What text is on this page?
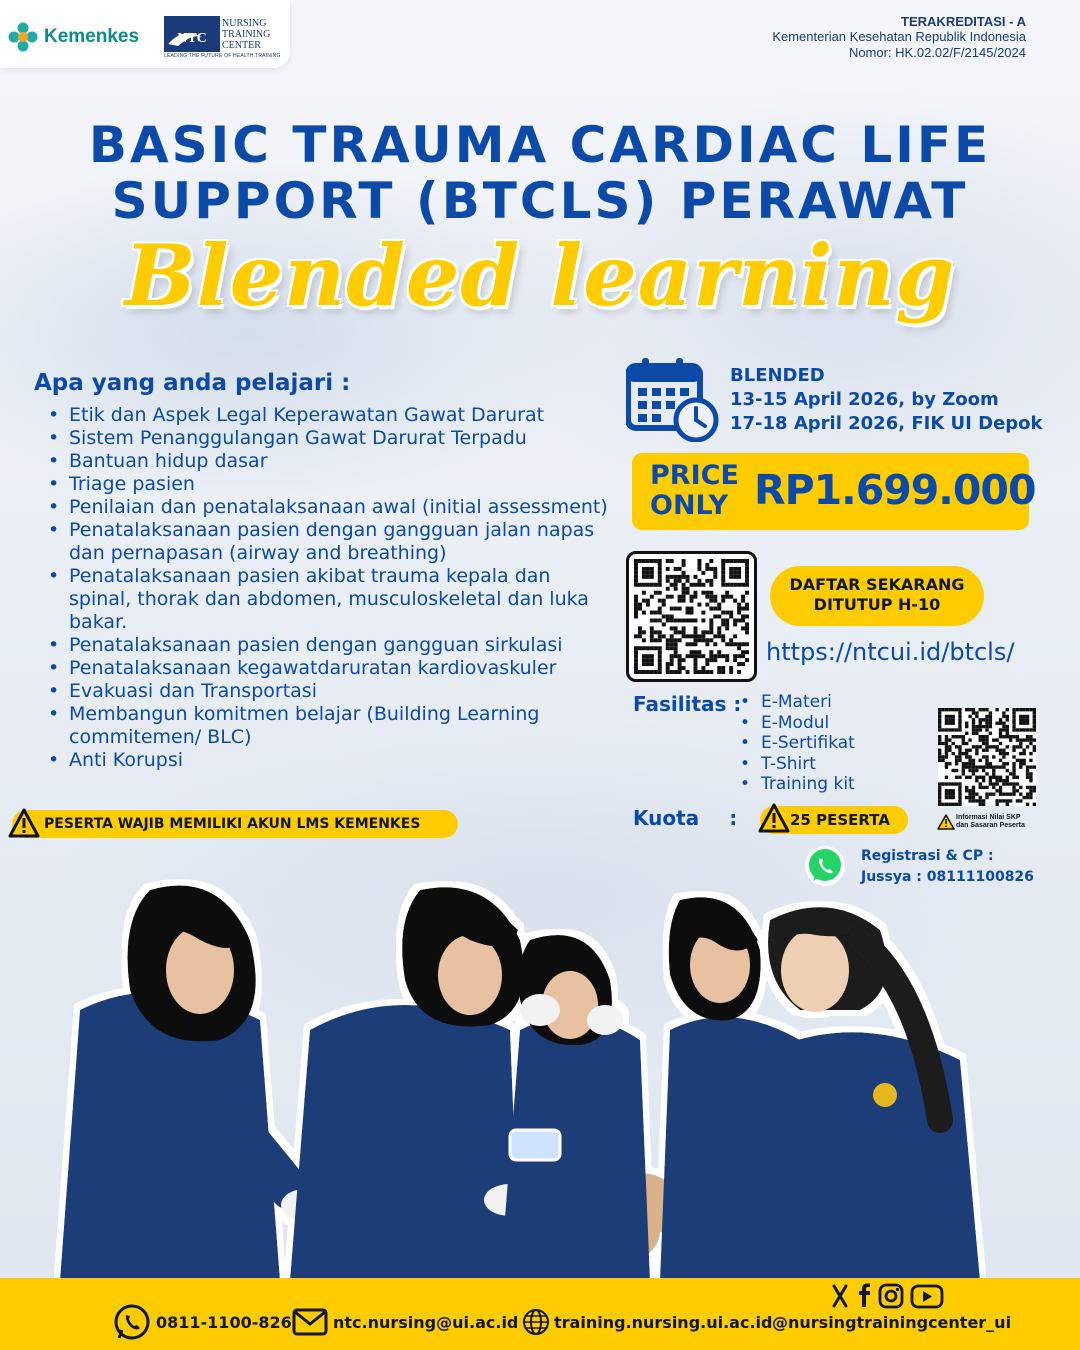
Kemenkes	NTC
NURSING
TRAINING
CENTER
LEADING THE FUTURE OF HEALTH TRAINING
TERAKREDITASI - A
Kementerian Kesehatan Republik Indonesia
Nomor: HK.02.02/F/2145/2024
BASIC TRAUMA CARDIAC LIFE
SUPPORT (BTCLS) PERAWAT
Blended learning
Apa yang anda pelajari :
• Etik dan Aspek Legal Keperawatan Gawat Darurat
• Sistem Penanggulangan Gawat Darurat Terpadu
• Bantuan hidup dasar
• Triage pasien
• Penilaian dan penatalaksanaan awal (initial assessment)
• Penatalaksanaan pasien dengan gangguan jalan napas dan pernapasan (airway and breathing)
• Penatalaksanaan pasien akibat trauma kepala dan spinal, thorak dan abdomen, musculoskeletal dan luka bakar.
• Penatalaksanaan pasien dengan gangguan sirkulasi
• Penatalaksanaan kegawatdaruratan kardiovaskuler
• Evakuasi dan Transportasi
• Membangun komitmen belajar (Building Learning commitemen/ BLC)
• Anti Korupsi
PESERTA WAJIB MEMILIKI AKUN LMS KEMENKES
BLENDED
13-15 April 2026, by Zoom
17-18 April 2026, FIK UI Depok
PRICE
ONLY RP1.699.000
DAFTAR SEKARANG
DITUTUP H-10
https://ntcui.id/btcls/
Fasilitas :
•	E-Materi
• E-Modul
• E-Sertifikat
• T-Shirt
• Training kit
Informasi Nilai SKP
dan Sasaran Peserta
Kuota :	25 PESERTA
Registrasi & CP :
Jussya : 08111100826
0811-1100-826	ntc.nursing@ui.ac.id training.nursing.ui.ac.id @nursingtrainingcenter_ui
